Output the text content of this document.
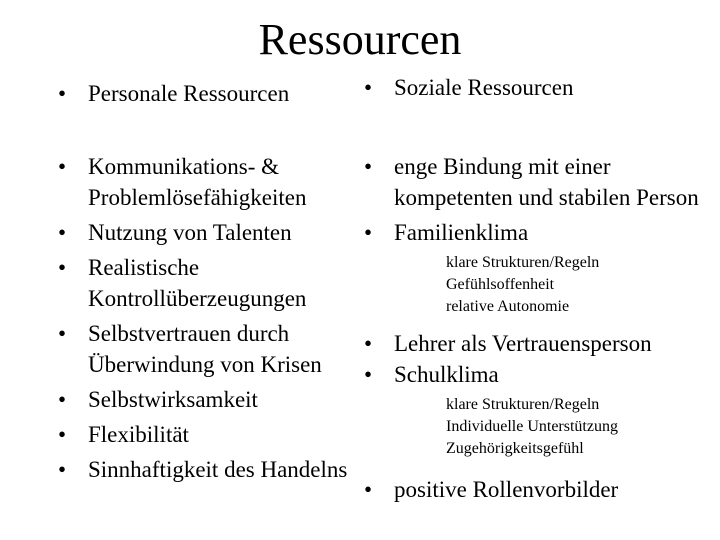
Ressourcen
• Personale Ressourcen
• Kommunikations- & Problemlösefähigkeiten
• Nutzung von Talenten
• Realistische Kontrollüberzeugungen
• Selbstvertrauen durch Überwindung von Krisen
• Selbstwirksamkeit
• Flexibilität
• Sinnhaftigkeit des Handelns
• Soziale Ressourcen
• enge Bindung mit einer kompetenten und stabilen Person
• Familienklima
klare Strukturen/Regeln
Gefühlsoffenheit
relative Autonomie
• Lehrer als Vertrauensperson
• Schulklima
klare Strukturen/Regeln
Individuelle Unterstützung
Zugehörigkeitsgefühl
• positive Rollenvorbilder
